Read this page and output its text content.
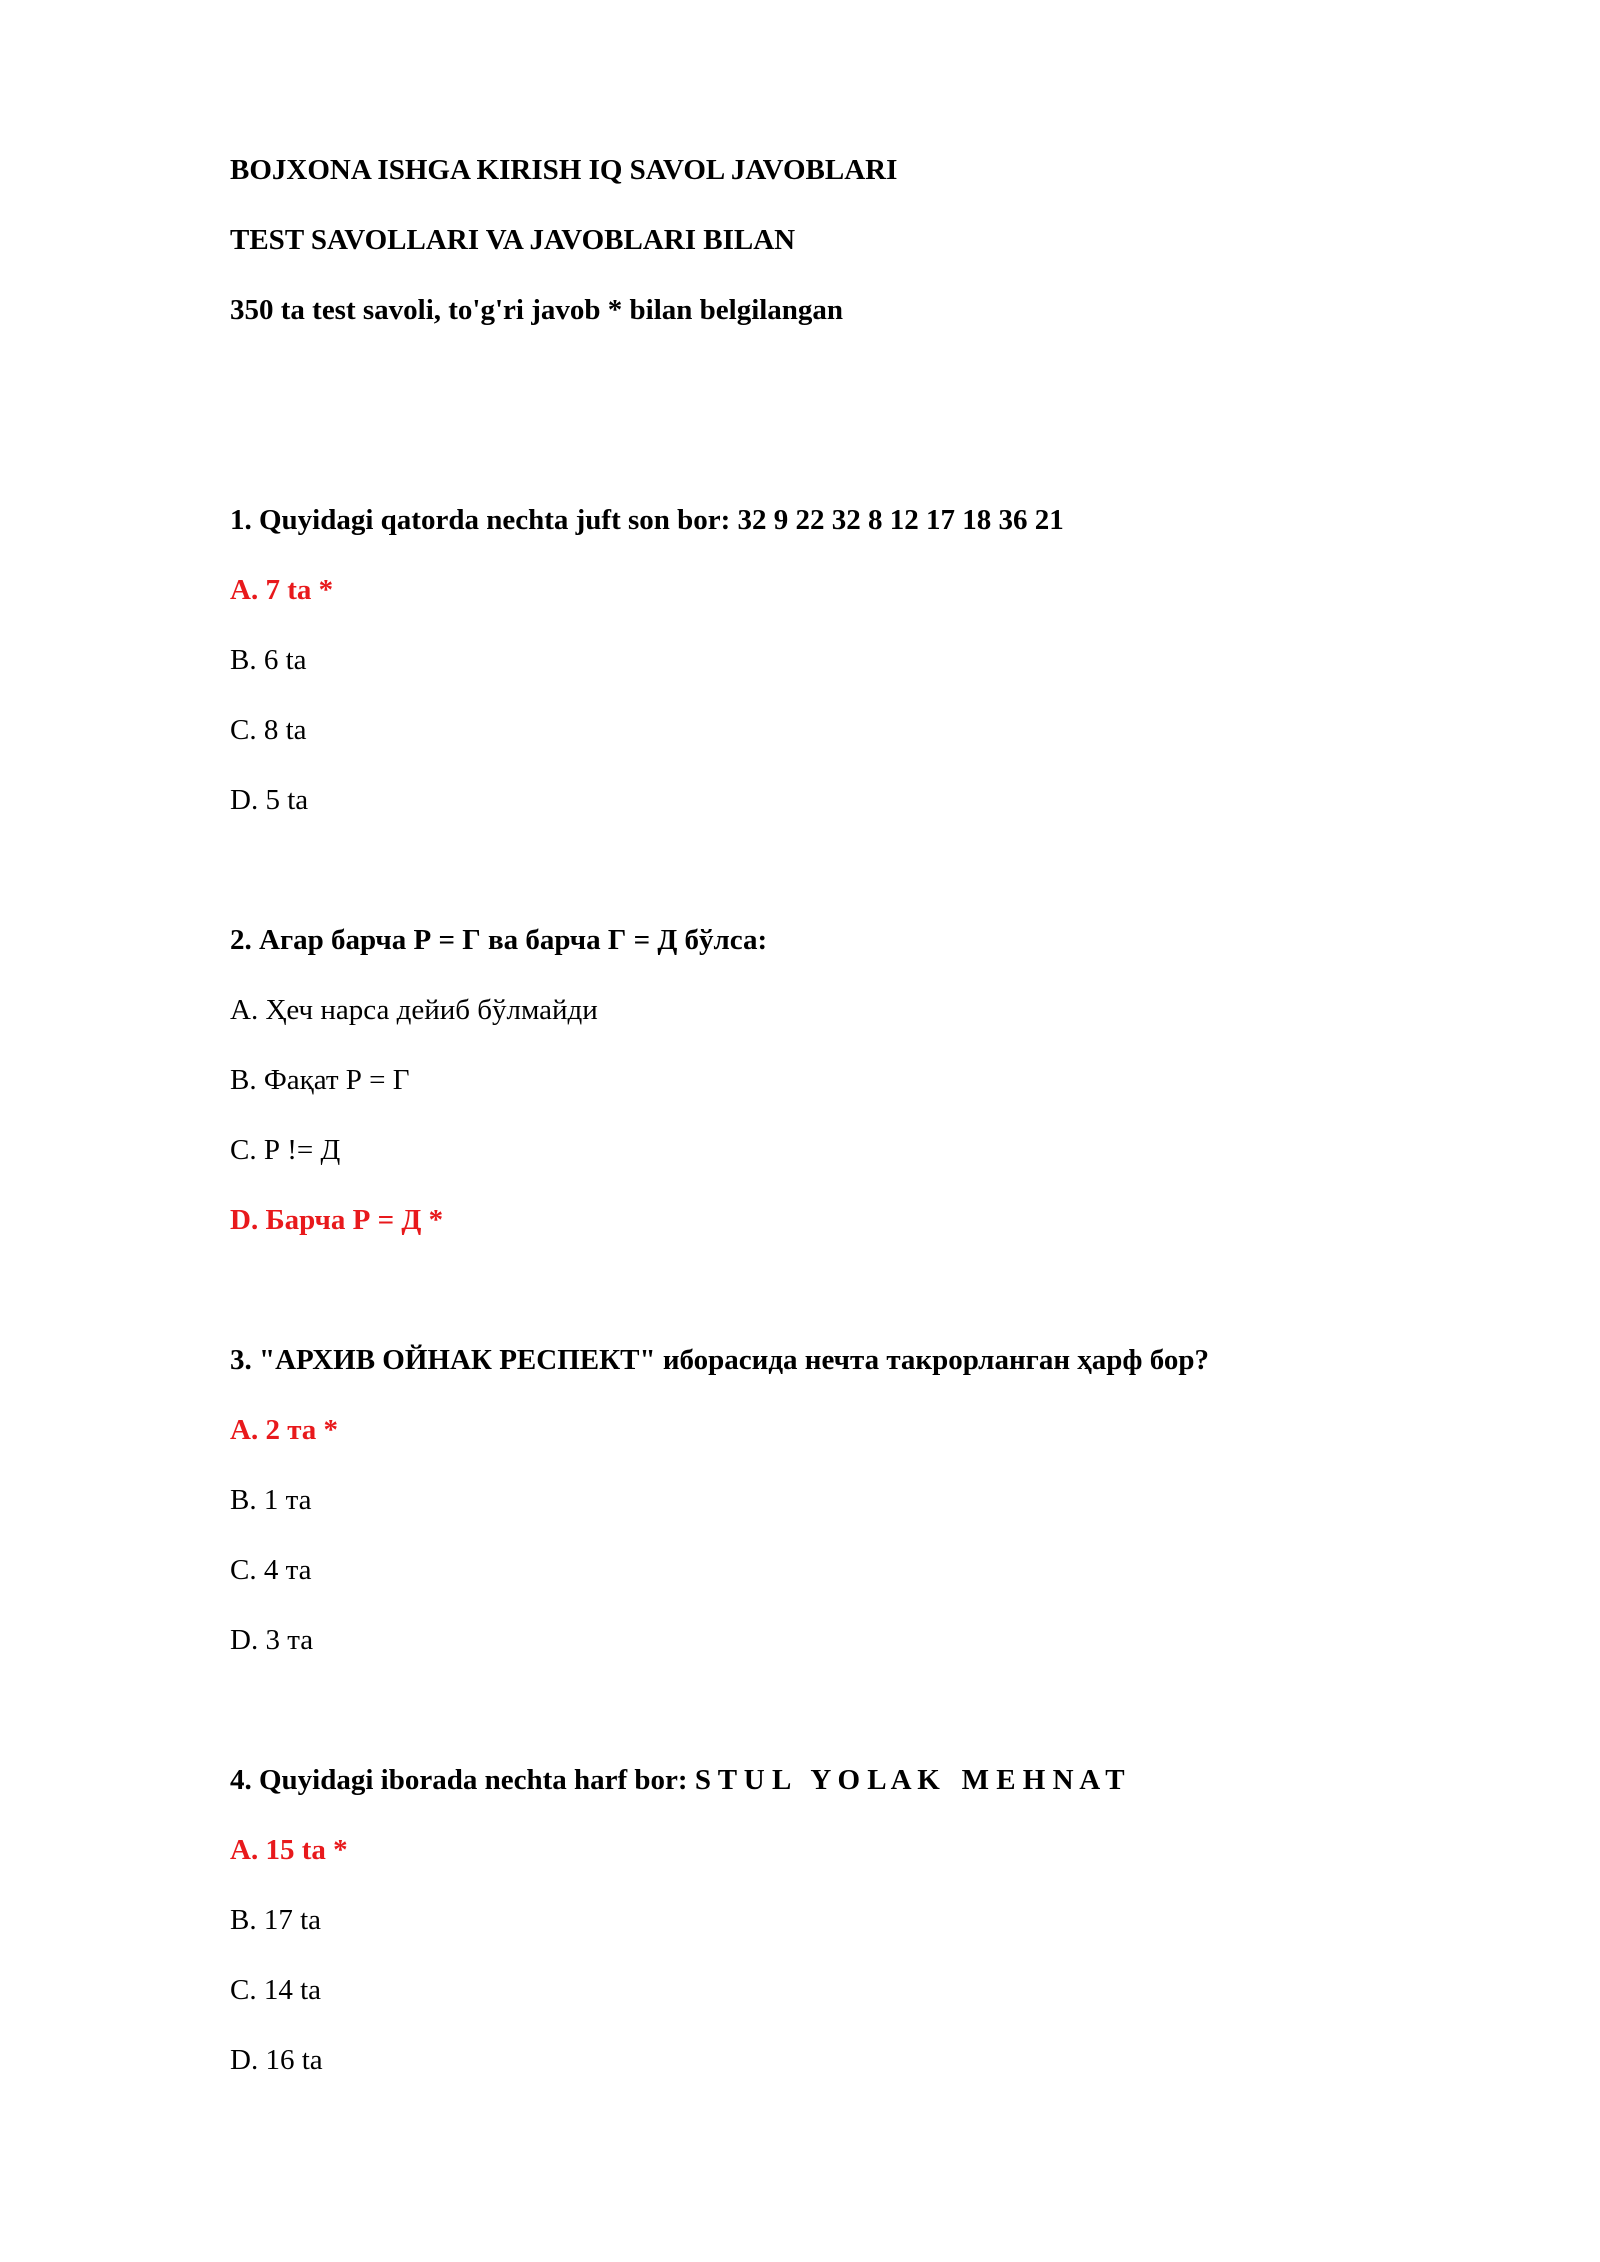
BOJXONA ISHGA KIRISH IQ SAVOL JAVOBLARI
TEST SAVOLLARI VA JAVOBLARI BILAN
350 ta test savoli, to'g'ri javob * bilan belgilangan
1. Quyidagi qatorda nechta juft son bor: 32 9 22 32 8 12 17 18 36 21
A. 7 ta *
B. 6 ta
C. 8 ta
D. 5 ta
2. Агар барча Р = Г ва барча Г = Д бўлса:
A. Ҳеч нарса дейиб бўлмайди
B. Фақат Р = Г
C. Р != Д
D. Барча Р = Д *
3. "АРХИВ ОЙНАК РЕСПЕКТ" иборасида нечта такрорланган ҳарф бор?
A. 2 та *
B. 1 та
C. 4 та
D. 3 та
4. Quyidagi iborada nechta harf bor: S T U L   Y O L A K   M E H N A T
A. 15 ta *
B. 17 ta
C. 14 ta
D. 16 ta
